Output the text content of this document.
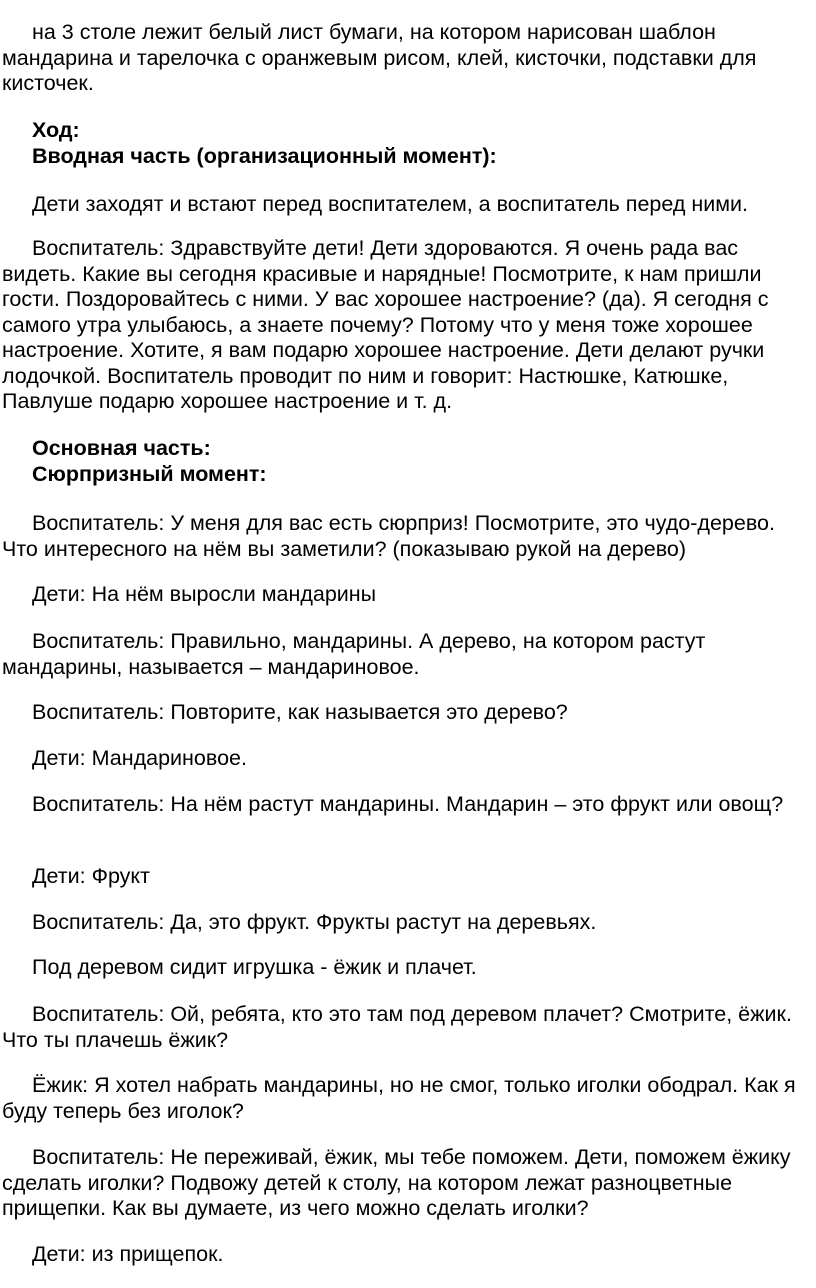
на 3 столе лежит белый лист бумаги, на котором нарисован шаблон мандарина и тарелочка с оранжевым рисом, клей, кисточки, подставки для кисточек.

Ход:

Вводная часть (организационный момент):

Дети заходят и встают перед воспитателем, а воспитатель перед ними.

Воспитатель: Здравствуйте дети! Дети здороваются. Я очень рада вас видеть. Какие вы сегодня красивые и нарядные! Посмотрите, к нам пришли гости. Поздоровайтесь с ними. У вас хорошее настроение? (да). Я сегодня с самого утра улыбаюсь, а знаете почему? Потому что у меня тоже хорошее настроение. Хотите, я вам подарю хорошее настроение. Дети делают ручки лодочкой. Воспитатель проводит по ним и говорит: Настюшке, Катюшке, Павлуше подарю хорошее настроение и т. д.

Основная часть:

Сюрпризный момент:

Воспитатель: У меня для вас есть сюрприз! Посмотрите, это чудо-дерево. Что интересного на нём вы заметили? (показываю рукой на дерево)

Дети: На нём выросли мандарины

Воспитатель: Правильно, мандарины. А дерево, на котором растут мандарины, называется – мандариновое.

Воспитатель: Повторите, как называется это дерево?

Дети: Мандариновое.

Воспитатель: На нём растут мандарины. Мандарин – это фрукт или овощ?

Дети: Фрукт

Воспитатель: Да, это фрукт. Фрукты растут на деревьях.

Под деревом сидит игрушка - ёжик и плачет.

Воспитатель: Ой, ребята, кто это там под деревом плачет? Смотрите, ёжик. Что ты плачешь ёжик?

Ёжик: Я хотел набрать мандарины, но не смог, только иголки ободрал. Как я буду теперь без иголок?

Воспитатель: Не переживай, ёжик, мы тебе поможем. Дети, поможем ёжику сделать иголки? Подвожу детей к столу, на котором лежат разноцветные прищепки. Как вы думаете, из чего можно сделать иголки?

Дети: из прищепок.
